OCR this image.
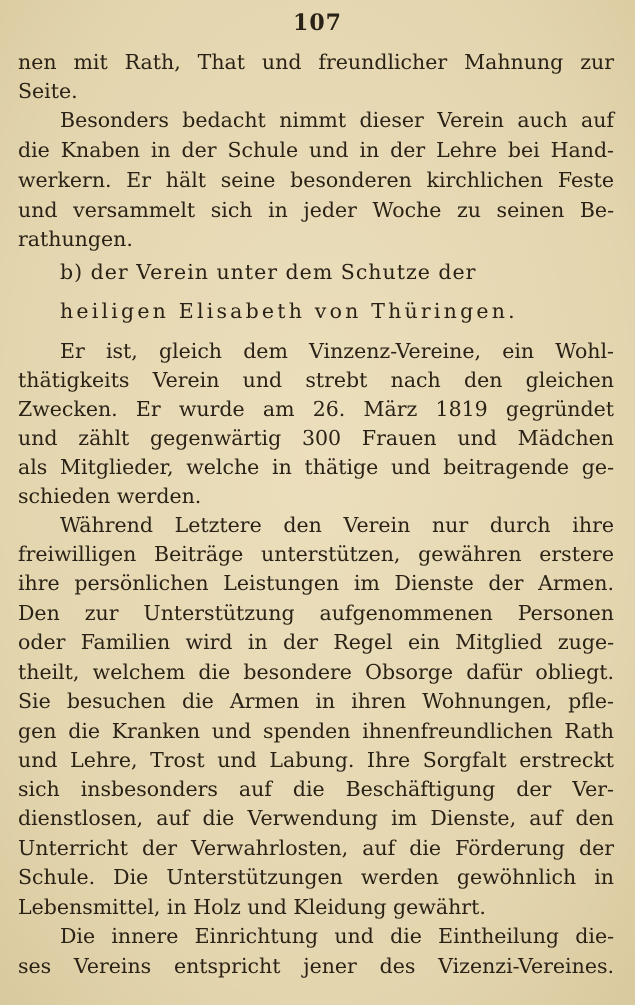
107
nen mit Rath, That und freundlicher Mahnung zur
Seite.
Besonders bedacht nimmt dieser Verein auch auf
die Knaben in der Schule und in der Lehre bei Hand-
werkern. Er hält seine besonderen kirchlichen Feste
und versammelt sich in jeder Woche zu seinen Be-
rathungen.
b) der Verein unter dem Schutze der
heiligen Elisabeth von Thüringen.
Er ist, gleich dem Vinzenz-Vereine, ein Wohl-
thätigkeits Verein und strebt nach den gleichen
Zwecken. Er wurde am 26. März 1819 gegründet
und zählt gegenwärtig 300 Frauen und Mädchen
als Mitglieder, welche in thätige und beitragende ge-
schieden werden.
Während Letztere den Verein nur durch ihre
freiwilligen Beiträge unterstützen, gewähren erstere
ihre persönlichen Leistungen im Dienste der Armen.
Den zur Unterstützung aufgenommenen Personen
oder Familien wird in der Regel ein Mitglied zuge-
theilt, welchem die besondere Obsorge dafür obliegt.
Sie besuchen die Armen in ihren Wohnungen, pfle-
gen die Kranken und spenden ihnenfreundlichen Rath
und Lehre, Trost und Labung. Ihre Sorgfalt erstreckt
sich insbesonders auf die Beschäftigung der Ver-
dienstlosen, auf die Verwendung im Dienste, auf den
Unterricht der Verwahrlosten, auf die Förderung der
Schule. Die Unterstützungen werden gewöhnlich in
Lebensmittel, in Holz und Kleidung gewährt.
Die innere Einrichtung und die Eintheilung die-
ses Vereins entspricht jener des Vizenzi-Vereines.
